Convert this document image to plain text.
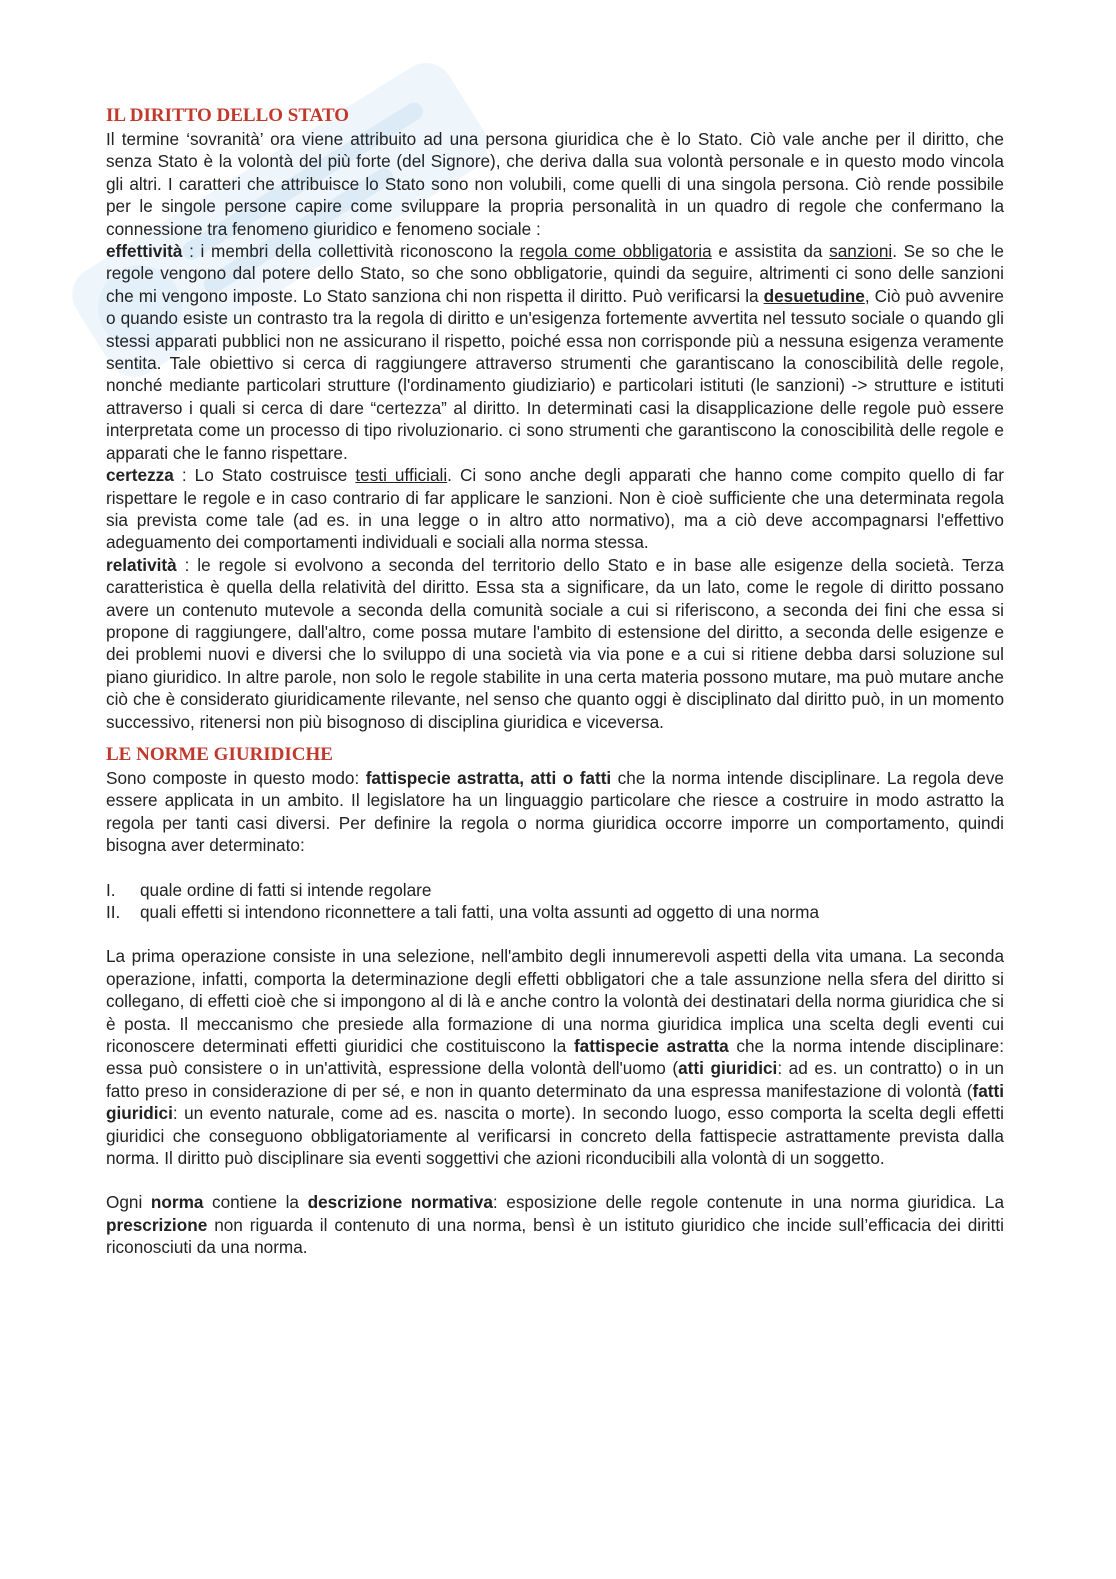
IL DIRITTO DELLO STATO

Il termine ‘sovranità’ ora viene attribuito ad una persona giuridica che è lo Stato. Ciò vale anche per il diritto, che senza Stato è la volontà del più forte (del Signore), che deriva dalla sua volontà personale e in questo modo vincola gli altri. I caratteri che attribuisce lo Stato sono non volubili, come quelli di una singola persona. Ciò rende possibile per le singole persone capire come sviluppare la propria personalità in un quadro di regole che confermano la connessione tra fenomeno giuridico e fenomeno sociale :

effettività : i membri della collettività riconoscono la regola come obbligatoria e assistita da sanzioni. Se so che le regole vengono dal potere dello Stato, so che sono obbligatorie, quindi da seguire, altrimenti ci sono delle sanzioni che mi vengono imposte. Lo Stato sanziona chi non rispetta il diritto. Può verificarsi la desuetudine, Ciò può avvenire o quando esiste un contrasto tra la regola di diritto e un'esigenza fortemente avvertita nel tessuto sociale o quando gli stessi apparati pubblici non ne assicurano il rispetto, poiché essa non corrisponde più a nessuna esigenza veramente sentita. Tale obiettivo si cerca di raggiungere attraverso strumenti che garantiscano la conoscibilità delle regole, nonché mediante particolari strutture (l'ordinamento giudiziario) e particolari istituti (le sanzioni) -> strutture e istituti attraverso i quali si cerca di dare “certezza” al diritto. In determinati casi la disapplicazione delle regole può essere interpretata come un processo di tipo rivoluzionario. ci sono strumenti che garantiscono la conoscibilità delle regole e apparati che le fanno rispettare.

certezza : Lo Stato costruisce testi ufficiali. Ci sono anche degli apparati che hanno come compito quello di far rispettare le regole e in caso contrario di far applicare le sanzioni. Non è cioè sufficiente che una determinata regola sia prevista come tale (ad es. in una legge o in altro atto normativo), ma a ciò deve accompagnarsi l'effettivo adeguamento dei comportamenti individuali e sociali alla norma stessa.

relatività : le regole si evolvono a seconda del territorio dello Stato e in base alle esigenze della società. Terza caratteristica è quella della relatività del diritto. Essa sta a significare, da un lato, come le regole di diritto possano avere un contenuto mutevole a seconda della comunità sociale a cui si riferiscono, a seconda dei fini che essa si propone di raggiungere, dall'altro, come possa mutare l'ambito di estensione del diritto, a seconda delle esigenze e dei problemi nuovi e diversi che lo sviluppo di una società via via pone e a cui si ritiene debba darsi soluzione sul piano giuridico. In altre parole, non solo le regole stabilite in una certa materia possono mutare, ma può mutare anche ciò che è considerato giuridicamente rilevante, nel senso che quanto oggi è disciplinato dal diritto può, in un momento successivo, ritenersi non più bisognoso di disciplina giuridica e viceversa.

LE NORME GIURIDICHE

Sono composte in questo modo: fattispecie astratta, atti o fatti che la norma intende disciplinare. La regola deve essere applicata in un ambito. Il legislatore ha un linguaggio particolare che riesce a costruire in modo astratto la regola per tanti casi diversi. Per definire la regola o norma giuridica occorre imporre un comportamento, quindi bisogna aver determinato:

I.	quale ordine di fatti si intende regolare
II.	quali effetti si intendono riconnettere a tali fatti, una volta assunti ad oggetto di una norma

La prima operazione consiste in una selezione, nell'ambito degli innumerevoli aspetti della vita umana. La seconda operazione, infatti, comporta la determinazione degli effetti obbligatori che a tale assunzione nella sfera del diritto si collegano, di effetti cioè che si impongono al di là e anche contro la volontà dei destinatari della norma giuridica che si è posta. Il meccanismo che presiede alla formazione di una norma giuridica implica una scelta degli eventi cui riconoscere determinati effetti giuridici che costituiscono la fattispecie astratta che la norma intende disciplinare: essa può consistere o in un'attività, espressione della volontà dell'uomo (atti giuridici: ad es. un contratto) o in un fatto preso in considerazione di per sé, e non in quanto determinato da una espressa manifestazione di volontà (fatti giuridici: un evento naturale, come ad es. nascita o morte). In secondo luogo, esso comporta la scelta degli effetti giuridici che conseguono obbligatoriamente al verificarsi in concreto della fattispecie astrattamente prevista dalla norma. Il diritto può disciplinare sia eventi soggettivi che azioni riconducibili alla volontà di un soggetto.

Ogni norma contiene la descrizione normativa: esposizione delle regole contenute in una norma giuridica. La prescrizione non riguarda il contenuto di una norma, bensì è un istituto giuridico che incide sull’efficacia dei diritti riconosciuti da una norma.
